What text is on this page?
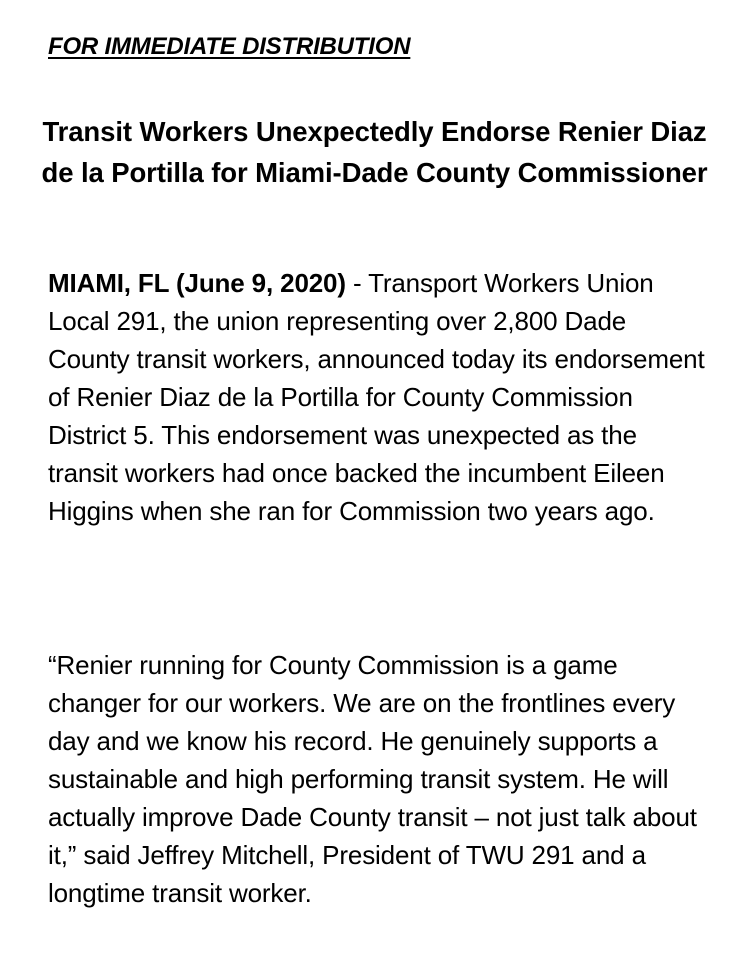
FOR IMMEDIATE DISTRIBUTION

Transit Workers Unexpectedly Endorse Renier Diaz de la Portilla for Miami-Dade County Commissioner

MIAMI, FL (June 9, 2020) - Transport Workers Union Local 291, the union representing over 2,800 Dade County transit workers, announced today its endorsement of Renier Diaz de la Portilla for County Commission District 5. This endorsement was unexpected as the transit workers had once backed the incumbent Eileen Higgins when she ran for Commission two years ago.

“Renier running for County Commission is a game changer for our workers. We are on the frontlines every day and we know his record. He genuinely supports a sustainable and high performing transit system. He will actually improve Dade County transit – not just talk about it,” said Jeffrey Mitchell, President of TWU 291 and a longtime transit worker.
